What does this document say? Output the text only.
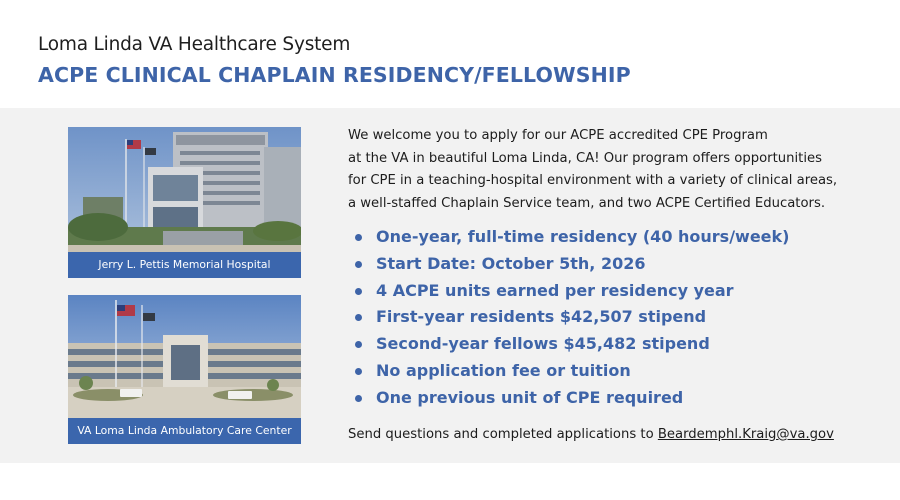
Loma Linda VA Healthcare System
ACPE CLINICAL CHAPLAIN RESIDENCY/FELLOWSHIP
Jerry L. Pettis Memorial Hospital
VA Loma Linda Ambulatory Care Center
We welcome you to apply for our ACPE accredited CPE Program
at the VA in beautiful Loma Linda, CA! Our program offers opportunities
for CPE in a teaching-hospital environment with a variety of clinical areas,
a well-staffed Chaplain Service team, and two ACPE Certified Educators.
One-year, full-time residency (40 hours/week)
Start Date: October 5th, 2026
4 ACPE units earned per residency year
First-year residents $42,507 stipend
Second-year fellows $45,482 stipend
No application fee or tuition
One previous unit of CPE required
Send questions and completed applications to Beardemphl.Kraig@va.gov
